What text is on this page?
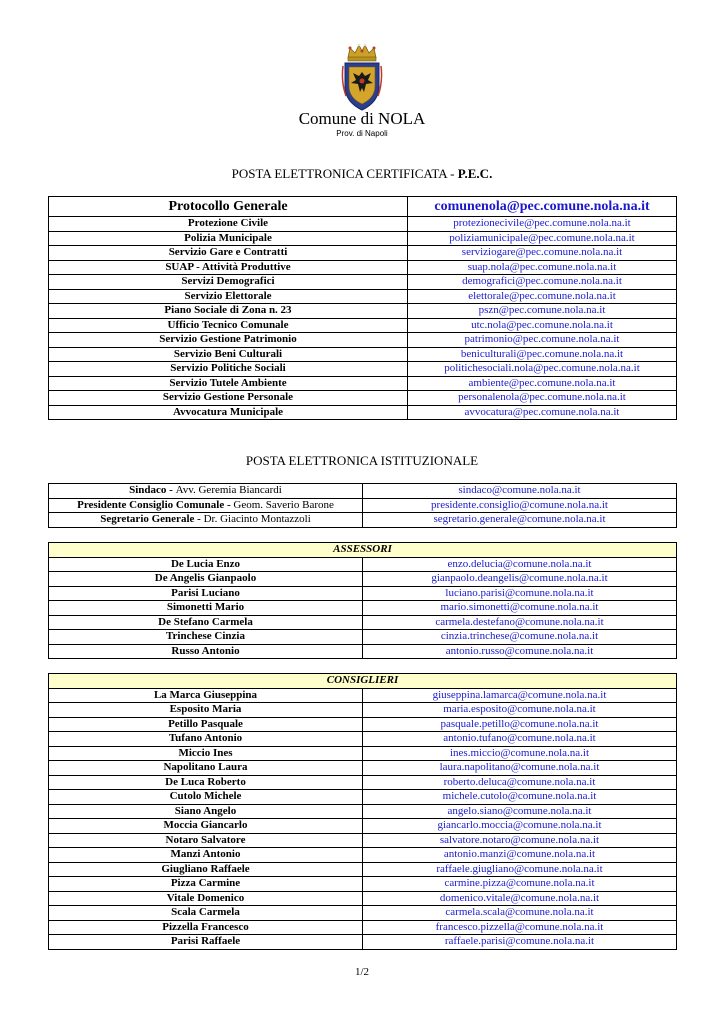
Comune di NOLA
Prov. di Napoli
POSTA ELETTRONICA CERTIFICATA - P.E.C.
Protocollo Generale	comunenola@pec.comune.nola.na.it
Protezione Civile	protezionecivile@pec.comune.nola.na.it
Polizia Municipale	poliziamunicipale@pec.comune.nola.na.it
Servizio Gare e Contratti	serviziogare@pec.comune.nola.na.it
SUAP - Attività Produttive	suap.nola@pec.comune.nola.na.it
Servizi Demografici	demografici@pec.comune.nola.na.it
Servizio Elettorale	elettorale@pec.comune.nola.na.it
Piano Sociale di Zona n. 23	pszn@pec.comune.nola.na.it
Ufficio Tecnico Comunale	utc.nola@pec.comune.nola.na.it
Servizio Gestione Patrimonio	patrimonio@pec.comune.nola.na.it
Servizio Beni Culturali	beniculturali@pec.comune.nola.na.it
Servizio Politiche Sociali	politichesociali.nola@pec.comune.nola.na.it
Servizio Tutele Ambiente	ambiente@pec.comune.nola.na.it
Servizio Gestione Personale	personalenola@pec.comune.nola.na.it
Avvocatura Municipale	avvocatura@pec.comune.nola.na.it
POSTA ELETTRONICA ISTITUZIONALE
Sindaco - Avv. Geremia Biancardi	sindaco@comune.nola.na.it
Presidente Consiglio Comunale - Geom. Saverio Barone	presidente.consiglio@comune.nola.na.it
Segretario Generale - Dr. Giacinto Montazzoli	segretario.generale@comune.nola.na.it
ASSESSORI	
De Lucia Enzo	enzo.delucia@comune.nola.na.it
De Angelis Gianpaolo	gianpaolo.deangelis@comune.nola.na.it
Parisi Luciano	luciano.parisi@comune.nola.na.it
Simonetti Mario	mario.simonetti@comune.nola.na.it
De Stefano Carmela	carmela.destefano@comune.nola.na.it
Trinchese Cinzia	cinzia.trinchese@comune.nola.na.it
Russo Antonio	antonio.russo@comune.nola.na.it
CONSIGLIERI	
La Marca Giuseppina	giuseppina.lamarca@comune.nola.na.it
Esposito Maria	maria.esposito@comune.nola.na.it
Petillo Pasquale	pasquale.petillo@comune.nola.na.it
Tufano Antonio	antonio.tufano@comune.nola.na.it
Miccio Ines	ines.miccio@comune.nola.na.it
Napolitano Laura	laura.napolitano@comune.nola.na.it
De Luca Roberto	roberto.deluca@comune.nola.na.it
Cutolo Michele	michele.cutolo@comune.nola.na.it
Siano Angelo	angelo.siano@comune.nola.na.it
Moccia Giancarlo	giancarlo.moccia@comune.nola.na.it
Notaro Salvatore	salvatore.notaro@comune.nola.na.it
Manzi Antonio	antonio.manzi@comune.nola.na.it
Giugliano Raffaele	raffaele.giugliano@comune.nola.na.it
Pizza Carmine	carmine.pizza@comune.nola.na.it
Vitale Domenico	domenico.vitale@comune.nola.na.it
Scala Carmela	carmela.scala@comune.nola.na.it
Pizzella Francesco	francesco.pizzella@comune.nola.na.it
Parisi Raffaele	raffaele.parisi@comune.nola.na.it
1/2
